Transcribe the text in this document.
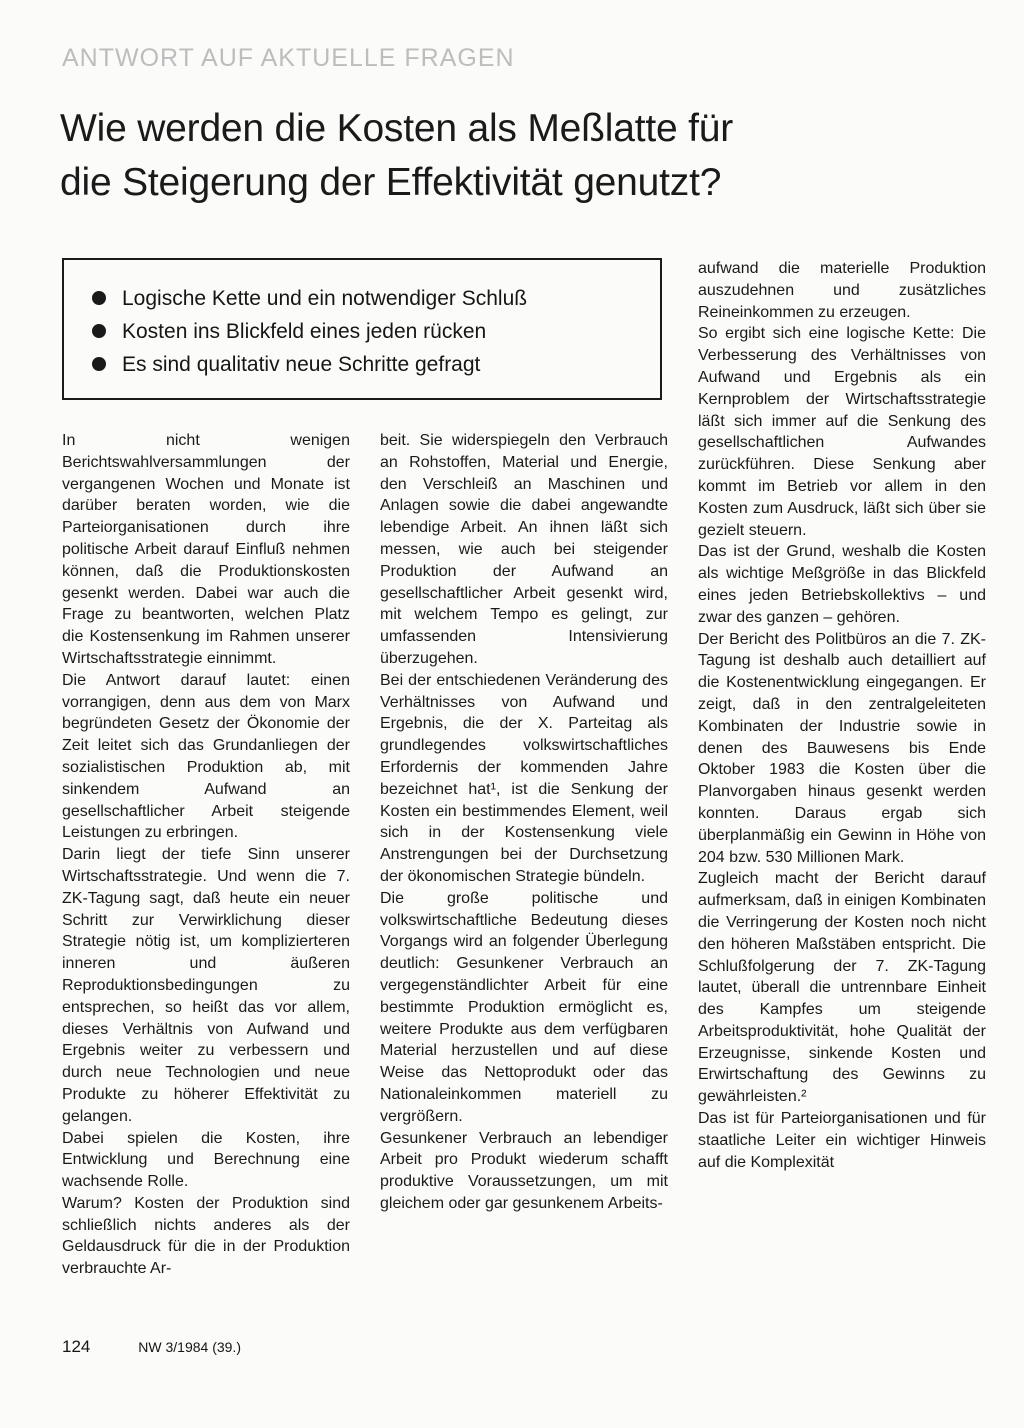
ANTWORT AUF AKTUELLE FRAGEN
Wie werden die Kosten als Meßlatte für
die Steigerung der Effektivität genutzt?
Logische Kette und ein notwendiger Schluß
Kosten ins Blickfeld eines jeden rücken
Es sind qualitativ neue Schritte gefragt

In nicht wenigen Berichtswahlversammlungen der vergangenen Wochen und Monate ist darüber beraten worden, wie die Parteiorganisationen durch ihre politische Arbeit darauf Einfluß nehmen können, daß die Produktionskosten gesenkt werden. Dabei war auch die Frage zu beantworten, welchen Platz die Kostensenkung im Rahmen unserer Wirtschaftsstrategie einnimmt.

Die Antwort darauf lautet: einen vorrangigen, denn aus dem von Marx begründeten Gesetz der Ökonomie der Zeit leitet sich das Grundanliegen der sozialistischen Produktion ab, mit sinkendem Aufwand an gesellschaftlicher Arbeit steigende Leistungen zu erbringen.

Darin liegt der tiefe Sinn unserer Wirtschaftsstrategie. Und wenn die 7. ZK-Tagung sagt, daß heute ein neuer Schritt zur Verwirklichung dieser Strategie nötig ist, um komplizierteren inneren und äußeren Reproduktionsbedingungen zu entsprechen, so heißt das vor allem, dieses Verhältnis von Aufwand und Ergebnis weiter zu verbessern und durch neue Technologien und neue Produkte zu höherer Effektivität zu gelangen.

Dabei spielen die Kosten, ihre Entwicklung und Berechnung eine wachsende Rolle.

Warum? Kosten der Produktion sind schließlich nichts anderes als der Geldausdruck für die in der Produktion verbrauchte Ar-

beit. Sie widerspiegeln den Verbrauch an Rohstoffen, Material und Energie, den Verschleiß an Maschinen und Anlagen sowie die dabei angewandte lebendige Arbeit. An ihnen läßt sich messen, wie auch bei steigender Produktion der Aufwand an gesellschaftlicher Arbeit gesenkt wird, mit welchem Tempo es gelingt, zur umfassenden Intensivierung überzugehen.

Bei der entschiedenen Veränderung des Verhältnisses von Aufwand und Ergebnis, die der X. Parteitag als grundlegendes volkswirtschaftliches Erfordernis der kommenden Jahre bezeichnet hat¹, ist die Senkung der Kosten ein bestimmendes Element, weil sich in der Kostensenkung viele Anstrengungen bei der Durchsetzung der ökonomischen Strategie bündeln.

Die große politische und volkswirtschaftliche Bedeutung dieses Vorgangs wird an folgender Überlegung deutlich: Gesunkener Verbrauch an vergegenständlichter Arbeit für eine bestimmte Produktion ermöglicht es, weitere Produkte aus dem verfügbaren Material herzustellen und auf diese Weise das Nettoprodukt oder das Nationaleinkommen materiell zu vergrößern.

Gesunkener Verbrauch an lebendiger Arbeit pro Produkt wiederum schafft produktive Voraussetzungen, um mit gleichem oder gar gesunkenem Arbeits-

aufwand die materielle Produktion auszudehnen und zusätzliches Reineinkommen zu erzeugen.

So ergibt sich eine logische Kette: Die Verbesserung des Verhältnisses von Aufwand und Ergebnis als ein Kernproblem der Wirtschaftsstrategie läßt sich immer auf die Senkung des gesellschaftlichen Aufwandes zurückführen. Diese Senkung aber kommt im Betrieb vor allem in den Kosten zum Ausdruck, läßt sich über sie gezielt steuern.

Das ist der Grund, weshalb die Kosten als wichtige Meßgröße in das Blickfeld eines jeden Betriebskollektivs – und zwar des ganzen – gehören.

Der Bericht des Politbüros an die 7. ZK-Tagung ist deshalb auch detailliert auf die Kostenentwicklung eingegangen. Er zeigt, daß in den zentralgeleiteten Kombinaten der Industrie sowie in denen des Bauwesens bis Ende Oktober 1983 die Kosten über die Planvorgaben hinaus gesenkt werden konnten. Daraus ergab sich überplanmäßig ein Gewinn in Höhe von 204 bzw. 530 Millionen Mark.

Zugleich macht der Bericht darauf aufmerksam, daß in einigen Kombinaten die Verringerung der Kosten noch nicht den höheren Maßstäben entspricht. Die Schlußfolgerung der 7. ZK-Tagung lautet, überall die untrennbare Einheit des Kampfes um steigende Arbeitsproduktivität, hohe Qualität der Erzeugnisse, sinkende Kosten und Erwirtschaftung des Gewinns zu gewährleisten.²

Das ist für Parteiorganisationen und für staatliche Leiter ein wichtiger Hinweis auf die Komplexität

124	NW 3/1984 (39.)
